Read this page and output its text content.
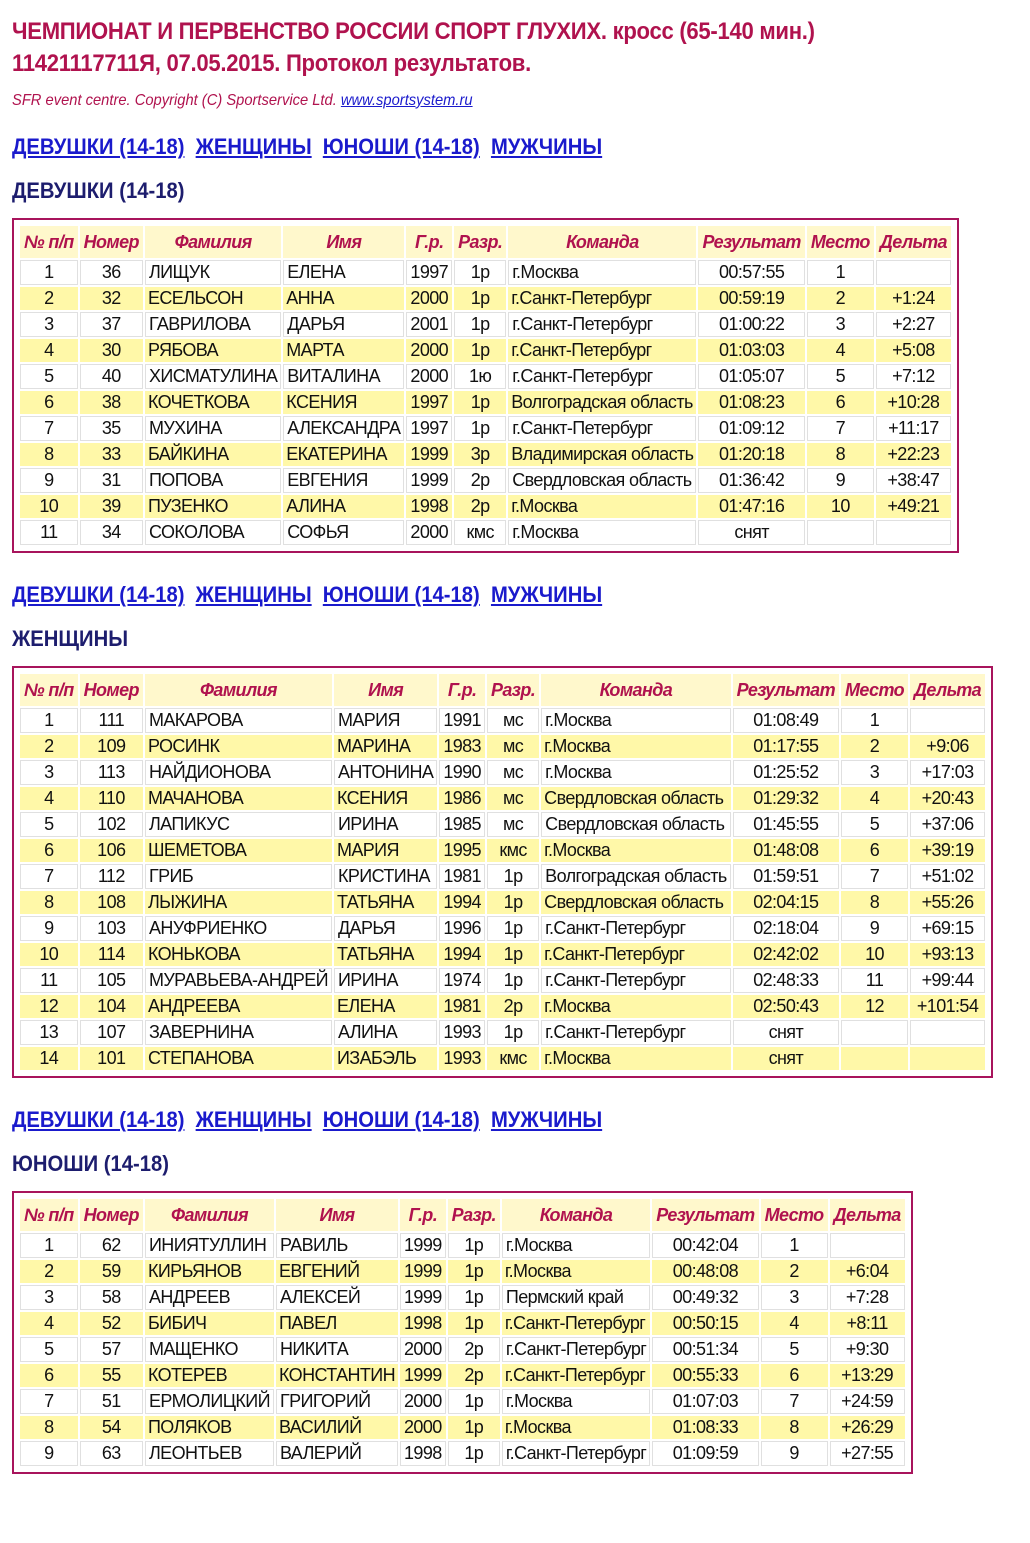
ЧЕМПИОНАТ И ПЕРВЕНСТВО РОССИИ СПОРТ ГЛУХИХ. кросс (65-140 мин.)
11421117711Я, 07.05.2015. Протокол результатов.
SFR event centre. Copyright (C) Sportservice Ltd. www.sportsystem.ru
ДЕВУШКИ (14-18) ЖЕНЩИНЫ ЮНОШИ (14-18) МУЖЧИНЫ
ДЕВУШКИ (14-18)
№ п/п	Номер	Фамилия	Имя	Г.р.	Разр.	Команда	Результат	Место	Дельта
1	36	ЛИЩУК	ЕЛЕНА	1997	1р	г.Москва	00:57:55	1	
2	32	ЕСЕЛЬСОН	АННА	2000	1р	г.Санкт-Петербург	00:59:19	2	+1:24
3	37	ГАВРИЛОВА	ДАРЬЯ	2001	1р	г.Санкт-Петербург	01:00:22	3	+2:27
4	30	РЯБОВА	МАРТА	2000	1р	г.Санкт-Петербург	01:03:03	4	+5:08
5	40	ХИСМАТУЛИНА	ВИТАЛИНА	2000	1ю	г.Санкт-Петербург	01:05:07	5	+7:12
6	38	КОЧЕТКОВА	КСЕНИЯ	1997	1р	Волгоградская область	01:08:23	6	+10:28
7	35	МУХИНА	АЛЕКСАНДРА	1997	1р	г.Санкт-Петербург	01:09:12	7	+11:17
8	33	БАЙКИНА	ЕКАТЕРИНА	1999	3р	Владимирская область	01:20:18	8	+22:23
9	31	ПОПОВА	ЕВГЕНИЯ	1999	2р	Свердловская область	01:36:42	9	+38:47
10	39	ПУЗЕНКО	АЛИНА	1998	2р	г.Москва	01:47:16	10	+49:21
11	34	СОКОЛОВА	СОФЬЯ	2000	кмс	г.Москва	снят		
ДЕВУШКИ (14-18) ЖЕНЩИНЫ ЮНОШИ (14-18) МУЖЧИНЫ
ЖЕНЩИНЫ
№ п/п	Номер	Фамилия	Имя	Г.р.	Разр.	Команда	Результат	Место	Дельта
1	111	МАКАРОВА	МАРИЯ	1991	мс	г.Москва	01:08:49	1	
2	109	РОСИНК	МАРИНА	1983	мс	г.Москва	01:17:55	2	+9:06
3	113	НАЙДИОНОВА	АНТОНИНА	1990	мс	г.Москва	01:25:52	3	+17:03
4	110	МАЧАНОВА	КСЕНИЯ	1986	мс	Свердловская область	01:29:32	4	+20:43
5	102	ЛАПИКУС	ИРИНА	1985	мс	Свердловская область	01:45:55	5	+37:06
6	106	ШЕМЕТОВА	МАРИЯ	1995	кмс	г.Москва	01:48:08	6	+39:19
7	112	ГРИБ	КРИСТИНА	1981	1р	Волгоградская область	01:59:51	7	+51:02
8	108	ЛЫЖИНА	ТАТЬЯНА	1994	1р	Свердловская область	02:04:15	8	+55:26
9	103	АНУФРИЕНКО	ДАРЬЯ	1996	1р	г.Санкт-Петербург	02:18:04	9	+69:15
10	114	КОНЬКОВА	ТАТЬЯНА	1994	1р	г.Санкт-Петербург	02:42:02	10	+93:13
11	105	МУРАВЬЕВА-АНДРЕЙ	ИРИНА	1974	1р	г.Санкт-Петербург	02:48:33	11	+99:44
12	104	АНДРЕЕВА	ЕЛЕНА	1981	2р	г.Москва	02:50:43	12	+101:54
13	107	ЗАВЕРНИНА	АЛИНА	1993	1р	г.Санкт-Петербург	снят		
14	101	СТЕПАНОВА	ИЗАБЭЛЬ	1993	кмс	г.Москва	снят		
ДЕВУШКИ (14-18) ЖЕНЩИНЫ ЮНОШИ (14-18) МУЖЧИНЫ
ЮНОШИ (14-18)
№ п/п	Номер	Фамилия	Имя	Г.р.	Разр.	Команда	Результат	Место	Дельта
1	62	ИНИЯТУЛЛИН	РАВИЛЬ	1999	1р	г.Москва	00:42:04	1	
2	59	КИРЬЯНОВ	ЕВГЕНИЙ	1999	1р	г.Москва	00:48:08	2	+6:04
3	58	АНДРЕЕВ	АЛЕКСЕЙ	1999	1р	Пермский край	00:49:32	3	+7:28
4	52	БИБИЧ	ПАВЕЛ	1998	1р	г.Санкт-Петербург	00:50:15	4	+8:11
5	57	МАЩЕНКО	НИКИТА	2000	2р	г.Санкт-Петербург	00:51:34	5	+9:30
6	55	КОТЕРЕВ	КОНСТАНТИН	1999	2р	г.Санкт-Петербург	00:55:33	6	+13:29
7	51	ЕРМОЛИЦКИЙ	ГРИГОРИЙ	2000	1р	г.Москва	01:07:03	7	+24:59
8	54	ПОЛЯКОВ	ВАСИЛИЙ	2000	1р	г.Москва	01:08:33	8	+26:29
9	63	ЛЕОНТЬЕВ	ВАЛЕРИЙ	1998	1р	г.Санкт-Петербург	01:09:59	9	+27:55
